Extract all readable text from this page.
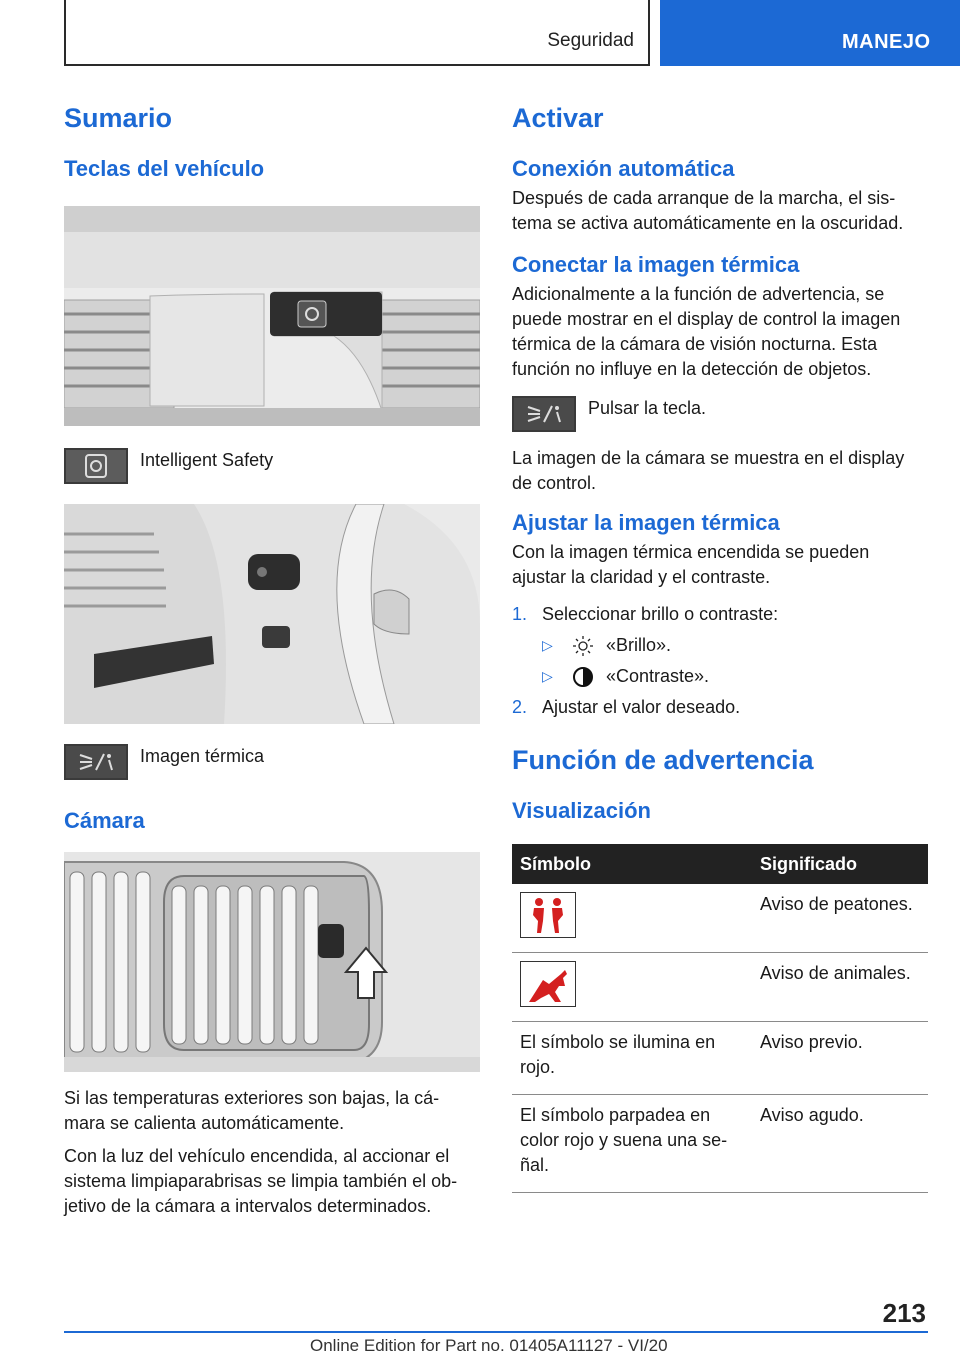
Seguridad	MANEJO
Sumario
Teclas del vehículo
Intelligent Safety
Imagen térmica
Cámara

Si las temperaturas exteriores son bajas, la cá-mara se calienta automáticamente.

Con la luz del vehículo encendida, al accionar el sistema limpiaparabrisas se limpia también el ob-jetivo de la cámara a intervalos determinados.

Activar
Conexión automática

Después de cada arranque de la marcha, el sis-tema se activa automáticamente en la oscuridad.

Conectar la imagen térmica

Adicionalmente a la función de advertencia, se puede mostrar en el display de control la imagen térmica de la cámara de visión nocturna. Esta función no influye en la detección de objetos.

Pulsar la tecla.

La imagen de la cámara se muestra en el display de control.

Ajustar la imagen térmica

Con la imagen térmica encendida se pueden ajustar la claridad y el contraste.

1. Seleccionar brillo o contraste:
▷	«Brillo».
▷	«Contraste».
2. Ajustar el valor deseado.
Función de advertencia
Visualización
Símbolo	Significado

	Aviso de peatones.

	Aviso de animales.
El símbolo se ilumina en rojo.	Aviso previo.
El símbolo parpadea en color rojo y suena una se-ñal.	Aviso agudo.
213
Online Edition for Part no. 01405A11127 - VI/20
